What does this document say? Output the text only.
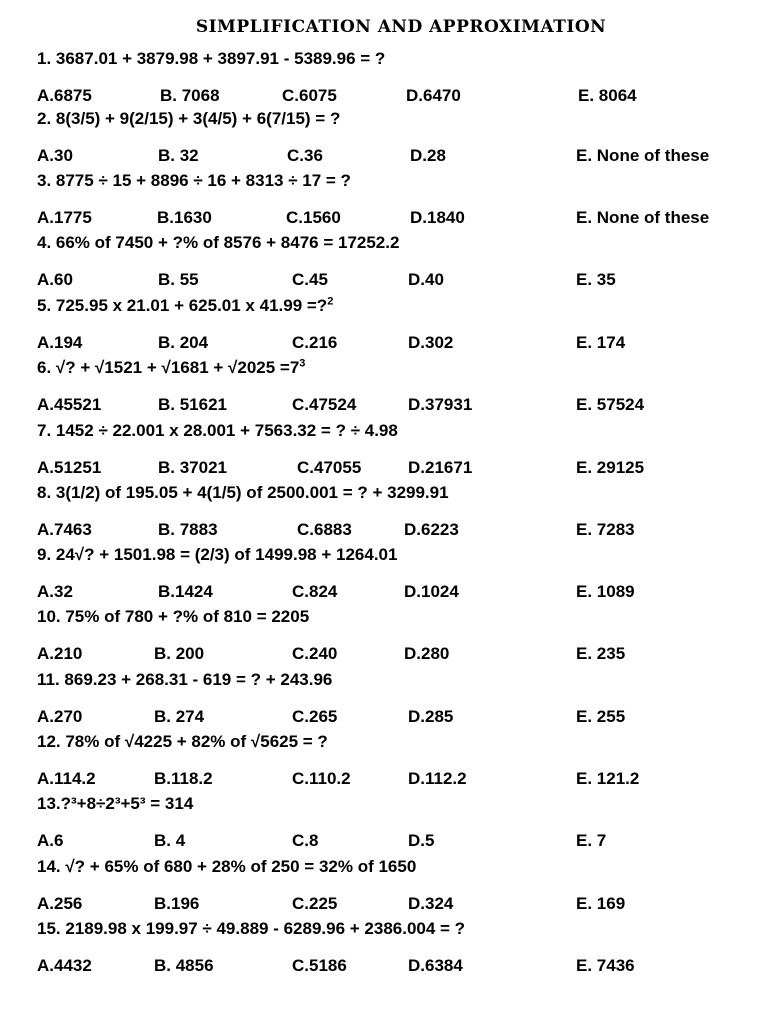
SIMPLIFICATION AND APPROXIMATION
1. 3687.01 + 3879.98 + 3897.91 - 5389.96 = ?
A.6875	B. 7068	C.6075	D.6470	E. 8064
2. 8(3/5) + 9(2/15) + 3(4/5) + 6(7/15) = ?
A.30	B. 32	C.36	D.28	E. None of these
3. 8775 ÷ 15 + 8896 ÷ 16 + 8313 ÷ 17 = ?
A.1775	B.1630	C.1560	D.1840	E. None of these
4. 66% of 7450 + ?% of 8576 + 8476 = 17252.2
A.60	B. 55	C.45	D.40	E. 35
5. 725.95 x 21.01 + 625.01 x 41.99 =?$^2$
A.194	B. 204	C.216	D.302	E. 174
6. √? + $√1521 + √1681 + √2025 =7^3$
A.45521	B. 51621	C.47524	D.37931	E. 57524
7. 1452 ÷ 22.001 x 28.001 + 7563.32 = ? ÷ 4.98
A.51251	B. 37021	C.47055	D.21671	E. 29125
8. 3(1/2) of 195.05 + 4(1/5) of 2500.001 = ? + 3299.91
A.7463	B. 7883	C.6883	D.6223	E. 7283
9. 24√? + 1501.98 = (2/3) of 1499.98 + 1264.01
A.32	B.1424	C.824	D.1024	E. 1089
10. 75% of 780 + ?% of 810 = 2205
A.210	B. 200	C.240	D.280	E. 235
11. 869.23 + 268.31 - 619 = ? + 243.96
A.270	B. 274	C.265	D.285	E. 255
12. 78% of √4225 + 82% of √5625 = ?
A.114.2	B.118.2	C.110.2	D.112.2	E. 121.2
13.?³+8÷2³+5³ = 314
A.6	B. 4	C.8	D.5	E. 7
14. √? + 65% of 680 + 28% of 250 = 32% of 1650
A.256	B.196	C.225	D.324	E. 169
15. 2189.98 x 199.97 ÷ 49.889 - 6289.96 + 2386.004 = ?
A.4432	B. 4856	C.5186	D.6384	E. 7436
